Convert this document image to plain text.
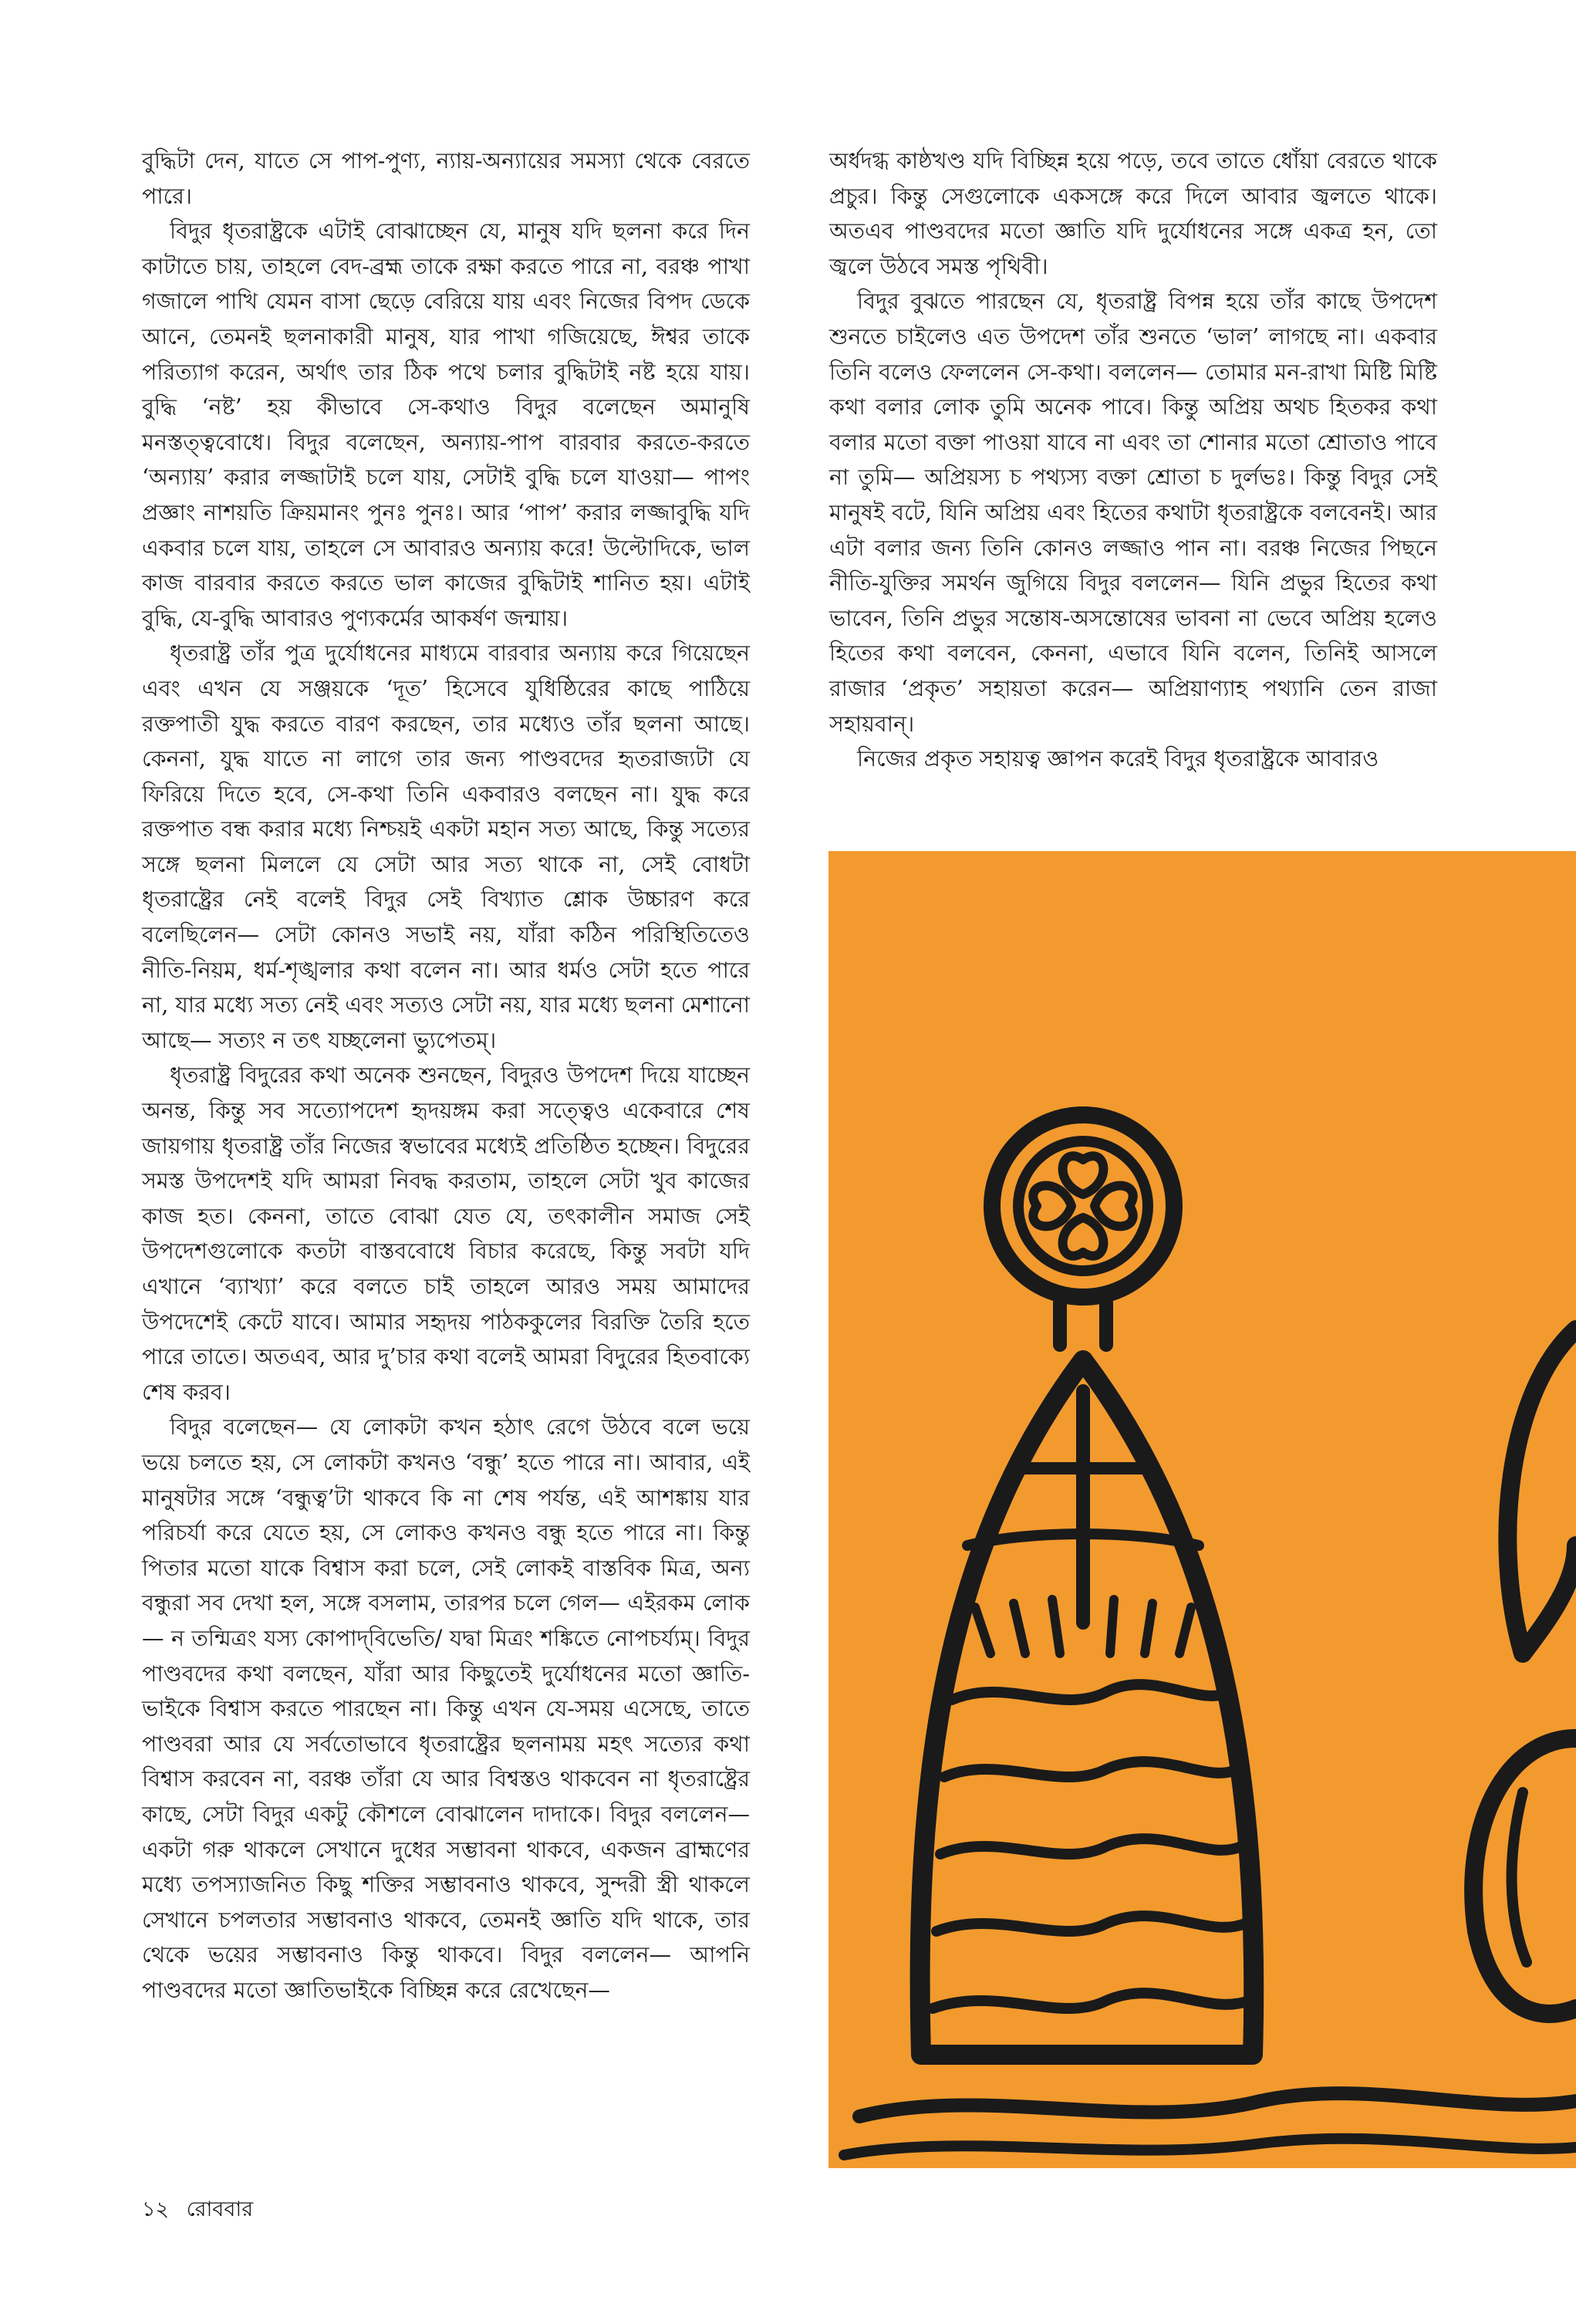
বুদ্ধিটা দেন, যাতে সে পাপ-পুণ্য, ন্যায়-অন্যায়ের সমস্যা থেকে বেরতে পারে।

বিদুর ধৃতরাষ্ট্রকে এটাই বোঝাচ্ছেন যে, মানুষ যদি ছলনা করে দিন কাটাতে চায়, তাহলে বেদ-ব্রহ্ম তাকে রক্ষা করতে পারে না, বরঞ্চ পাখা গজালে পাখি যেমন বাসা ছেড়ে বেরিয়ে যায় এবং নিজের বিপদ ডেকে আনে, তেমনই ছলনাকারী মানুষ, যার পাখা গজিয়েছে, ঈশ্বর তাকে পরিত্যাগ করেন, অর্থাৎ তার ঠিক পথে চলার বুদ্ধিটাই নষ্ট হয়ে যায়। বুদ্ধি ‘নষ্ট’ হয় কীভাবে সে-কথাও বিদুর বলেছেন অমানুষি মনস্তত্ত্ববোধে। বিদুর বলেছেন, অন্যায়-পাপ বারবার করতে-করতে ‘অন্যায়’ করার লজ্জাটাই চলে যায়, সেটাই বুদ্ধি চলে যাওয়া— পাপং প্রজ্ঞাং নাশয়তি ক্রিয়মানং পুনঃ পুনঃ। আর ‘পাপ’ করার লজ্জাবুদ্ধি যদি একবার চলে যায়, তাহলে সে আবারও অন্যায় করে! উল্টোদিকে, ভাল কাজ বারবার করতে করতে ভাল কাজের বুদ্ধিটাই শানিত হয়। এটাই বুদ্ধি, যে-বুদ্ধি আবারও পুণ্যকর্মের আকর্ষণ জন্মায়।

ধৃতরাষ্ট্র তাঁর পুত্র দুর্যোধনের মাধ্যমে বারবার অন্যায় করে গিয়েছেন এবং এখন যে সঞ্জয়কে ‘দূত’ হিসেবে যুধিষ্ঠিরের কাছে পাঠিয়ে রক্তপাতী যুদ্ধ করতে বারণ করছেন, তার মধ্যেও তাঁর ছলনা আছে। কেননা, যুদ্ধ যাতে না লাগে তার জন্য পাণ্ডবদের হৃতরাজ্যটা যে ফিরিয়ে দিতে হবে, সে-কথা তিনি একবারও বলছেন না। যুদ্ধ করে রক্তপাত বন্ধ করার মধ্যে নিশ্চয়ই একটা মহান সত্য আছে, কিন্তু সত্যের সঙ্গে ছলনা মিললে যে সেটা আর সত্য থাকে না, সেই বোধটা ধৃতরাষ্ট্রের নেই বলেই বিদুর সেই বিখ্যাত শ্লোক উচ্চারণ করে বলেছিলেন— সেটা কোনও সভাই নয়, যাঁরা কঠিন পরিস্থিতিতেও নীতি-নিয়ম, ধর্ম-শৃঙ্খলার কথা বলেন না। আর ধর্মও সেটা হতে পারে না, যার মধ্যে সত্য নেই এবং সত্যও সেটা নয়, যার মধ্যে ছলনা মেশানো আছে— সত্যং ন তৎ যচ্ছলেনা ভ্যুপেতম্‌।

ধৃতরাষ্ট্র বিদুরের কথা অনেক শুনছেন, বিদুরও উপদেশ দিয়ে যাচ্ছেন অনন্ত, কিন্তু সব সত্যোপদেশ হৃদয়ঙ্গম করা সত্ত্বেও একেবারে শেষ জায়গায় ধৃতরাষ্ট্র তাঁর নিজের স্বভাবের মধ্যেই প্রতিষ্ঠিত হচ্ছেন। বিদুরের সমস্ত উপদেশই যদি আমরা নিবদ্ধ করতাম, তাহলে সেটা খুব কাজের কাজ হত। কেননা, তাতে বোঝা যেত যে, তৎকালীন সমাজ সেই উপদেশগুলোকে কতটা বাস্তববোধে বিচার করেছে, কিন্তু সবটা যদি এখানে ‘ব্যাখ্যা’ করে বলতে চাই তাহলে আরও সময় আমাদের উপদেশেই কেটে যাবে। আমার সহৃদয় পাঠককুলের বিরক্তি তৈরি হতে পারে তাতে। অতএব, আর দু’চার কথা বলেই আমরা বিদুরের হিতবাক্যে শেষ করব।

বিদুর বলেছেন— যে লোকটা কখন হঠাৎ রেগে উঠবে বলে ভয়ে ভয়ে চলতে হয়, সে লোকটা কখনও ‘বন্ধু’ হতে পারে না। আবার, এই মানুষটার সঙ্গে ‘বন্ধুত্ব’টা থাকবে কি না শেষ পর্যন্ত, এই আশঙ্কায় যার পরিচর্যা করে যেতে হয়, সে লোকও কখনও বন্ধু হতে পারে না। কিন্তু পিতার মতো যাকে বিশ্বাস করা চলে, সেই লোকই বাস্তবিক মিত্র, অন্য বন্ধুরা সব দেখা হল, সঙ্গে বসলাম, তারপর চলে গেল— এইরকম লোক— ন তন্মিত্রং যস্য কোপাদ্‌বিভেতি/ যদ্বা মিত্রং শঙ্কিতে নোপচর্য্যম্‌। বিদুর পাণ্ডবদের কথা বলছেন, যাঁরা আর কিছুতেই দুর্যোধনের মতো জ্ঞাতি-ভাইকে বিশ্বাস করতে পারছেন না। কিন্তু এখন যে-সময় এসেছে, তাতে পাণ্ডবরা আর যে সর্বতোভাবে ধৃতরাষ্ট্রের ছলনাময় মহৎ সত্যের কথা বিশ্বাস করবেন না, বরঞ্চ তাঁরা যে আর বিশ্বস্তও থাকবেন না ধৃতরাষ্ট্রের কাছে, সেটা বিদুর একটু কৌশলে বোঝালেন দাদাকে। বিদুর বললেন— একটা গরু থাকলে সেখানে দুধের সম্ভাবনা থাকবে, একজন ব্রাহ্মণের মধ্যে তপস্যাজনিত কিছু শক্তির সম্ভাবনাও থাকবে, সুন্দরী স্ত্রী থাকলে সেখানে চপলতার সম্ভাবনাও থাকবে, তেমনই জ্ঞাতি যদি থাকে, তার থেকে ভয়ের সম্ভাবনাও কিন্তু থাকবে। বিদুর বললেন— আপনি পাণ্ডবদের মতো জ্ঞাতিভাইকে বিচ্ছিন্ন করে রেখেছেন—

অর্ধদগ্ধ কাষ্ঠখণ্ড যদি বিচ্ছিন্ন হয়ে পড়ে, তবে তাতে ধোঁয়া বেরতে থাকে প্রচুর। কিন্তু সেগুলোকে একসঙ্গে করে দিলে আবার জ্বলতে থাকে। অতএব পাণ্ডবদের মতো জ্ঞাতি যদি দুর্যোধনের সঙ্গে একত্র হন, তো জ্বলে উঠবে সমস্ত পৃথিবী।

বিদুর বুঝতে পারছেন যে, ধৃতরাষ্ট্র বিপন্ন হয়ে তাঁর কাছে উপদেশ শুনতে চাইলেও এত উপদেশ তাঁর শুনতে ‘ভাল’ লাগছে না। একবার তিনি বলেও ফেললেন সে-কথা। বললেন— তোমার মন-রাখা মিষ্টি মিষ্টি কথা বলার লোক তুমি অনেক পাবে। কিন্তু অপ্রিয় অথচ হিতকর কথা বলার মতো বক্তা পাওয়া যাবে না এবং তা শোনার মতো শ্রোতাও পাবে না তুমি— অপ্রিয়স্য চ পথ্যস্য বক্তা শ্রোতা চ দুর্লভঃ। কিন্তু বিদুর সেই মানুষই বটে, যিনি অপ্রিয় এবং হিতের কথাটা ধৃতরাষ্ট্রকে বলবেনই। আর এটা বলার জন্য তিনি কোনও লজ্জাও পান না। বরঞ্চ নিজের পিছনে নীতি-যুক্তির সমর্থন জুগিয়ে বিদুর বললেন— যিনি প্রভুর হিতের কথা ভাবেন, তিনি প্রভুর সন্তোষ-অসন্তোষের ভাবনা না ভেবে অপ্রিয় হলেও হিতের কথা বলবেন, কেননা, এভাবে যিনি বলেন, তিনিই আসলে রাজার ‘প্রকৃত’ সহায়তা করেন— অপ্রিয়াণ্যাহ পথ্যানি তেন রাজা সহায়বান্‌।

নিজের প্রকৃত সহায়ত্ব জ্ঞাপন করেই বিদুর ধৃতরাষ্ট্রকে আবারও

১২ রোববার
